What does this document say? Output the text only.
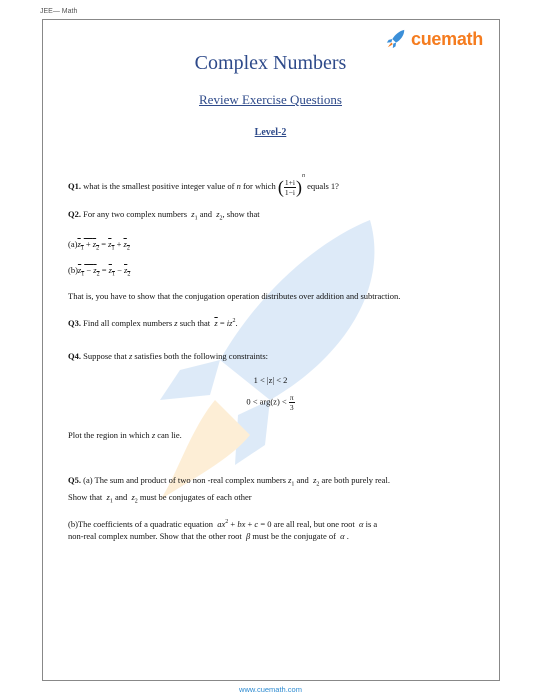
JEE— Math
cuemath
Complex Numbers
Review Exercise Questions
Level-2
Q1. what is the smallest positive integer value of n for which ( $\frac{1+i}{1-i} )^n$ equals 1?
Q2. For any two complex numbers $z_1$ and  $z_2$, show that
$(a)z_1 + z_2 = z_1 + z_2$
$(b)z_1 - z_2 = z_1 - z_2$
That is, you have to show that the conjugation operation distributes over addition and subtraction.
Q3. Find all complex numbers z such that $\overline{z} = iz^2$.
Q4. Suppose that z satisfies both the following constraints:
1 < |z| < 2
$0 < arg(z) < \frac{\pi}{3}$
Plot the region in which z can lie.
Q5. (a) The sum and product of two non -real complex numbers $z_1$ and  $z_2$ are both purely real.
Show that $z_1$ and  $z_2$ must be conjugates of each other
(b)The coefficients of a quadratic equation $ax^2$ + bx + c = 0 are all real, but one root α is a
non-real complex number. Show that the other root β must be the conjugate of α .
www.cuemath.com
